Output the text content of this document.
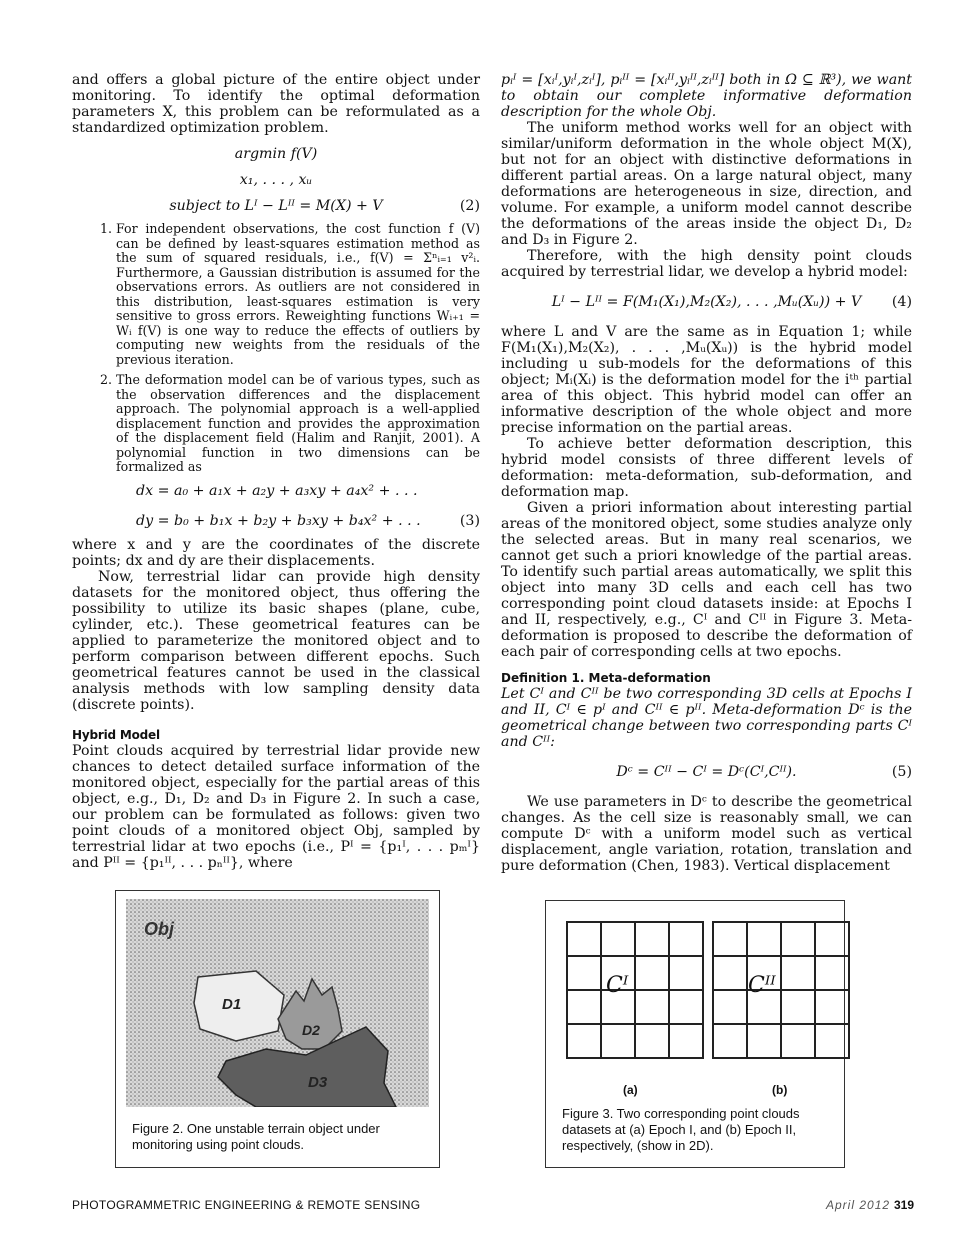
and offers a global picture of the entire object under monitoring. To identify the optimal deformation parameters X, this problem can be reformulated as a standardized optimization problem.

argmin f(V)
x₁, . . . , xᵤ
subject to Lᴵ − Lᴵᴵ = M(X) + V	(2)
1. For independent observations, the cost function f (V) can be defined by least-squares estimation method as the sum of squared residuals, i.e., f(V) = Σⁿᵢ₌₁ v²ᵢ. Furthermore, a Gaussian distribution is assumed for the observations errors. As outliers are not considered in this distribution, least-squares estimation is very sensitive to gross errors. Reweighting functions Wᵢ₊₁ = Wᵢ f(V) is one way to reduce the effects of outliers by computing new weights from the residuals of the previous iteration.
2. The deformation model can be of various types, such as the observation differences and the displacement approach. The polynomial approach is a well-applied displacement function and provides the approximation of the displacement field (Halim and Ranjit, 2001). A polynomial function in two dimensions can be formalized as
dx = a₀ + a₁x + a₂y + a₃xy + a₄x² + . . .
dy = b₀ + b₁x + b₂y + b₃xy + b₄x² + . . .	(3)

where x and y are the coordinates of the discrete points; dx and dy are their displacements.

Now, terrestrial lidar can provide high density datasets for the monitored object, thus offering the possibility to utilize its basic shapes (plane, cube, cylinder, etc.). These geometrical features can be applied to parameterize the monitored object and to perform comparison between different epochs. Such geometrical features cannot be used in the classical analysis methods with low sampling density data (discrete points).

Hybrid Model

Point clouds acquired by terrestrial lidar provide new chances to detect detailed surface information of the monitored object, especially for the partial areas of this object, e.g., D₁, D₂ and D₃ in Figure 2. In such a case, our problem can be formulated as follows: given two point clouds of a monitored object Obj, sampled by terrestrial lidar at two epochs (i.e., Pᴵ = {p₁ᴵ, . . . pₘᴵ} and Pᴵᴵ = {p₁ᴵᴵ, . . . pₙᴵᴵ}, where

pᵢᴵ = [xᵢᴵ,yᵢᴵ,zᵢᴵ], pᵢᴵᴵ = [xᵢᴵᴵ,yᵢᴵᴵ,zᵢᴵᴵ] both in Ω ⊆ ℝ³), we want to obtain our complete informative deformation description for the whole Obj.

The uniform method works well for an object with similar/uniform deformation in the whole object M(X), but not for an object with distinctive deformations in different partial areas. On a large natural object, many deformations are heterogeneous in size, direction, and volume. For example, a uniform model cannot describe the deformations of the areas inside the object D₁, D₂ and D₃ in Figure 2.

Therefore, with the high density point clouds acquired by terrestrial lidar, we develop a hybrid model:

Lᴵ − Lᴵᴵ = F(M₁(X₁),M₂(X₂), . . . ,Mᵤ(Xᵤ)) + V (4)

where L and V are the same as in Equation 1; while F(M₁(X₁),M₂(X₂), . . . ,Mᵤ(Xᵤ)) is the hybrid model including u sub-models for the deformations of this object; Mᵢ(Xᵢ) is the deformation model for the iᵗʰ partial area of this object. This hybrid model can offer an informative description of the whole object and more precise information on the partial areas.

To achieve better deformation description, this hybrid model consists of three different levels of deformation: meta-deformation, sub-deformation, and deformation map.

Given a priori information about interesting partial areas of the monitored object, some studies analyze only the selected areas. But in many real scenarios, we cannot get such a priori knowledge of the partial areas. To identify such partial areas automatically, we split this object into many 3D cells and each cell has two corresponding point cloud datasets inside: at Epochs I and II, respectively, e.g., Cᴵ and Cᴵᴵ in Figure 3. Meta-deformation is proposed to describe the deformation of each pair of corresponding cells at two epochs.

Definition 1. Meta-deformation

Let Cᴵ and Cᴵᴵ be two corresponding 3D cells at Epochs I and II, Cᴵ ∈ pᴵ and Cᴵᴵ ∈ pᴵᴵ. Meta-deformation Dᶜ is the geometrical change between two corresponding parts Cᴵ and Cᴵᴵ:

Dᶜ = Cᴵᴵ − Cᴵ = Dᶜ(Cᴵ,Cᴵᴵ).	(5)

We use parameters in Dᶜ to describe the geometrical changes. As the cell size is reasonably small, we can compute Dᶜ with a uniform model such as vertical displacement, angle variation, rotation, translation and pure deformation (Chen, 1983). Vertical displacement

Obj
D1
D2
D3
Figure 2. One unstable terrain object under monitoring using point clouds.
Cᴵ	Cᴵᴵ
(a)	(b)
Figure 3. Two corresponding point clouds datasets at (a) Epoch I, and (b) Epoch II, respectively, (show in 2D).
PHOTOGRAMMETRIC ENGINEERING & REMOTE SENSING	April 2012 319
